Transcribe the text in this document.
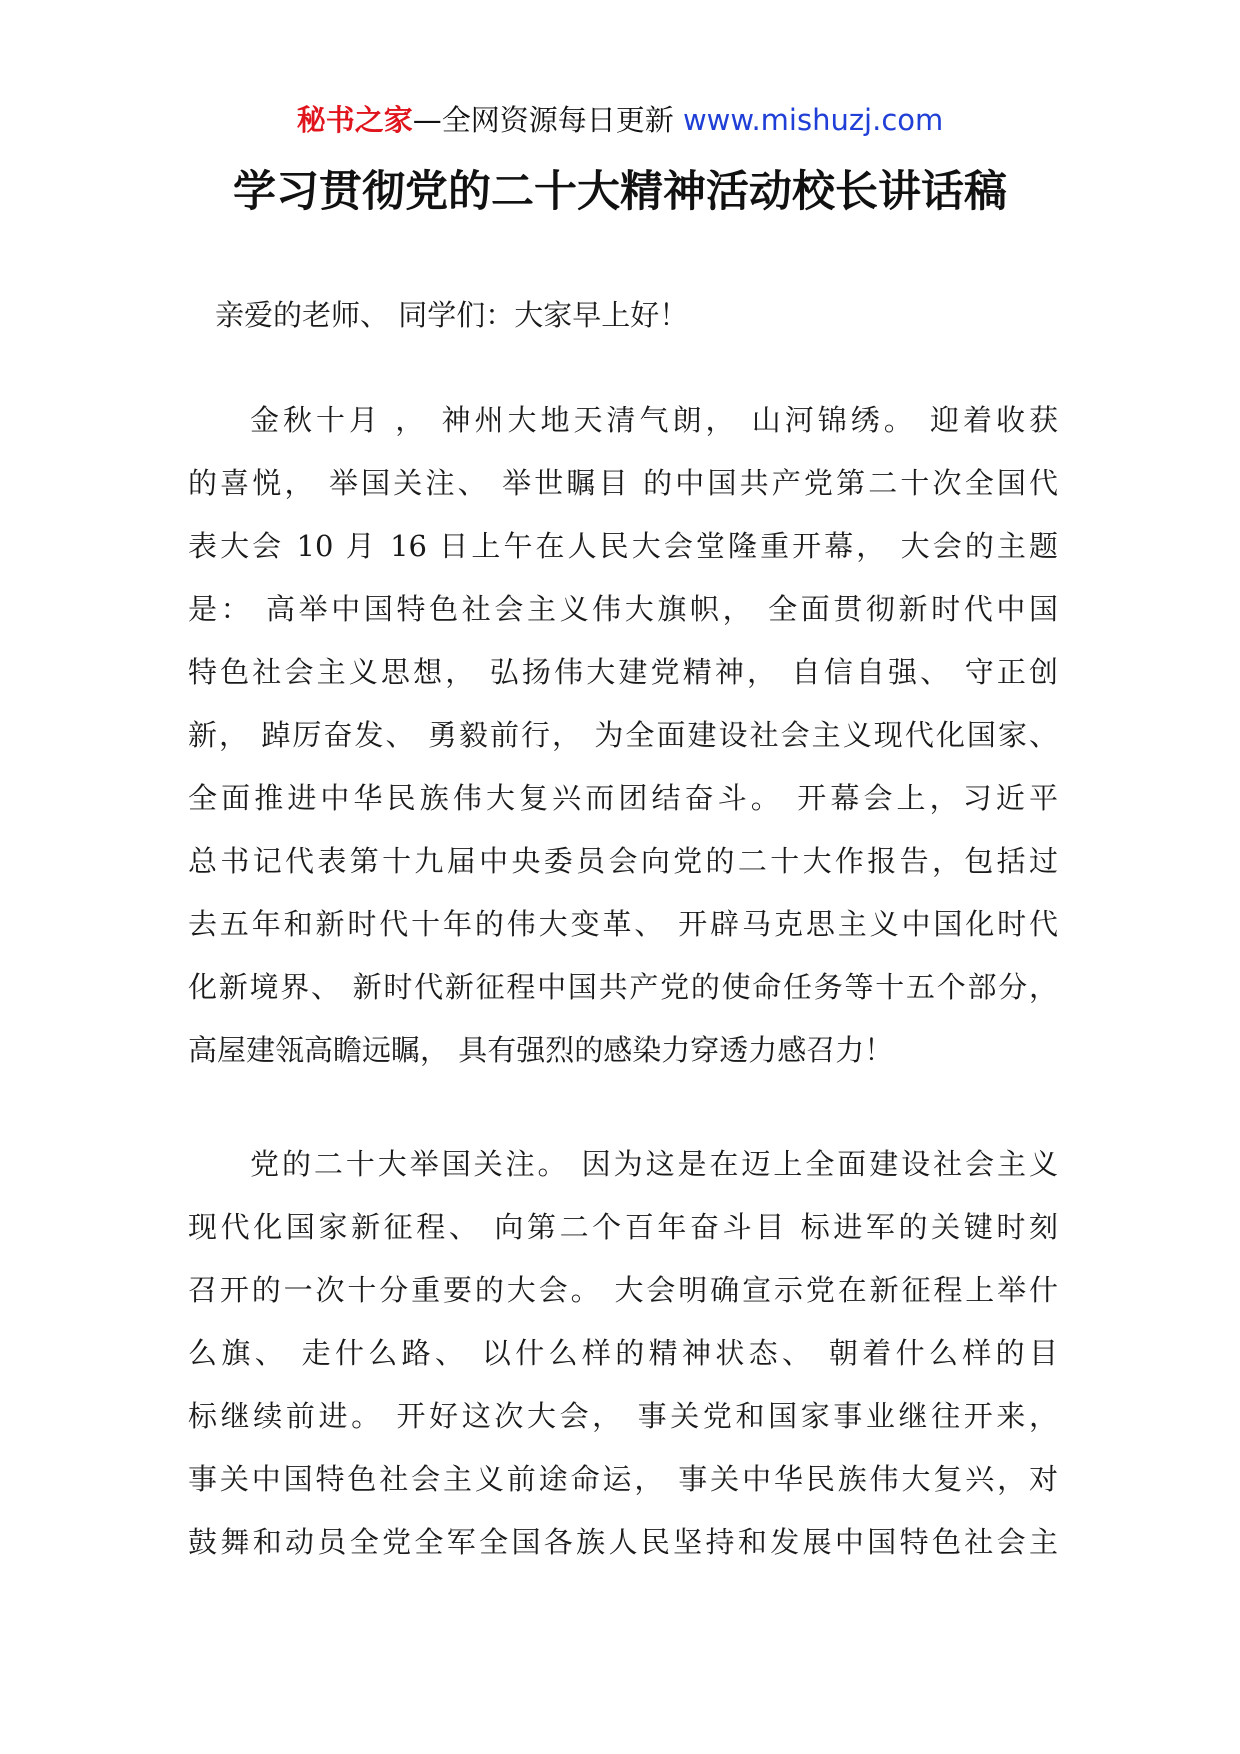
秘书之家—全网资源每日更新 www.mishuzj.com
学习贯彻党的二十大精神活动校长讲话稿
亲爱的老师、 同学们：大家早上好！
金秋十月 ， 神州大地天清气朗， 山河锦绣。 迎着收获
的喜悦， 举国关注、 举世瞩目 的中国共产党第二十次全国代
表大会 10 月 16 日上午在人民大会堂隆重开幕， 大会的主题
是： 高举中国特色社会主义伟大旗帜， 全面贯彻新时代中国
特色社会主义思想， 弘扬伟大建党精神， 自信自强、 守正创
新， 踔厉奋发、 勇毅前行， 为全面建设社会主义现代化国家、
全面推进中华民族伟大复兴而团结奋斗。 开幕会上，习近平
总书记代表第十九届中央委员会向党的二十大作报告，包括过
去五年和新时代十年的伟大变革、 开辟马克思主义中国化时代
化新境界、 新时代新征程中国共产党的使命任务等十五个部分，
高屋建瓴高瞻远瞩， 具有强烈的感染力穿透力感召力！
党的二十大举国关注。 因为这是在迈上全面建设社会主义
现代化国家新征程、 向第二个百年奋斗目 标进军的关键时刻
召开的一次十分重要的大会。 大会明确宣示党在新征程上举什
么旗、 走什么路、 以什么样的精神状态、 朝着什么样的目
标继续前进。 开好这次大会， 事关党和国家事业继往开来，
事关中国特色社会主义前途命运， 事关中华民族伟大复兴，对
鼓舞和动员全党全军全国各族人民坚持和发展中国特色社会主
